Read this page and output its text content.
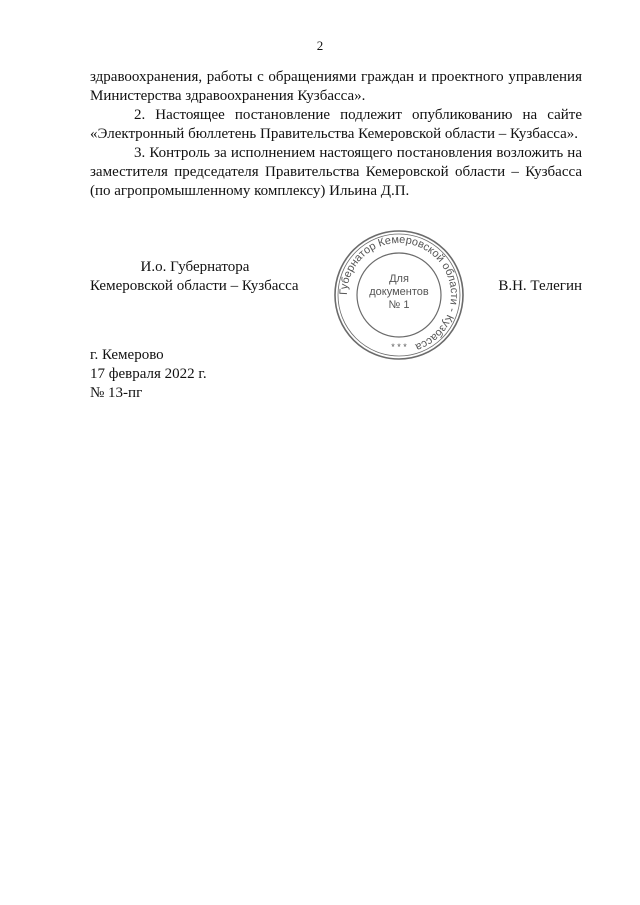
2

здравоохранения, работы с обращениями граждан и проектного управления Министерства здравоохранения Кузбасса».

2. Настоящее постановление подлежит опубликованию на сайте «Электронный бюллетень Правительства Кемеровской области – Кузбасса».

3. Контроль за исполнением настоящего постановления возложить на заместителя председателя Правительства Кемеровской области – Кузбасса (по агропромышленному комплексу) Ильина Д.П.

И.о. Губернатора
Кемеровской области – Кузбасса	Губернатор Кемеровской области - Кузбасса
Для
документов
№ 1
* * *
В.Н. Телегин
г. Кемерово
17 февраля 2022 г.
№ 13-пг
